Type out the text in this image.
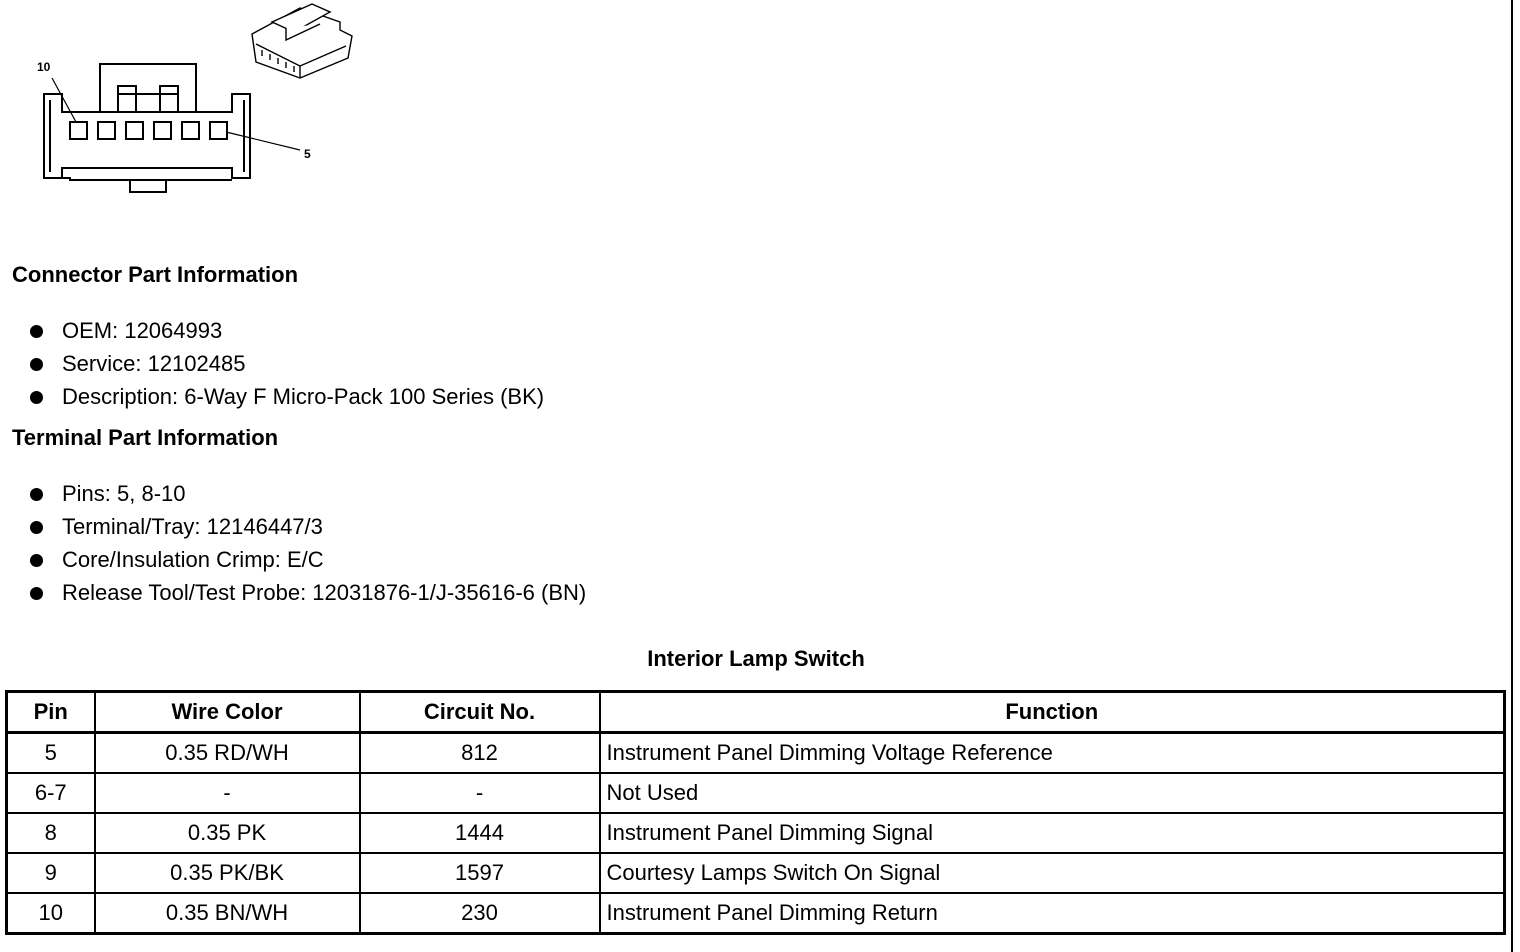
10
5
Connector Part Information
OEM: 12064993
Service: 12102485
Description: 6-Way F Micro-Pack 100 Series (BK)
Terminal Part Information
Pins: 5, 8-10
Terminal/Tray: 12146447/3
Core/Insulation Crimp: E/C
Release Tool/Test Probe: 12031876-1/J-35616-6 (BN)
Interior Lamp Switch
Pin	Wire Color	Circuit No.	Function
5	0.35 RD/WH	812	Instrument Panel Dimming Voltage Reference
6-7	-	-	Not Used
8	0.35 PK	1444	Instrument Panel Dimming Signal
9	0.35 PK/BK	1597	Courtesy Lamps Switch On Signal
10	0.35 BN/WH	230	Instrument Panel Dimming Return
